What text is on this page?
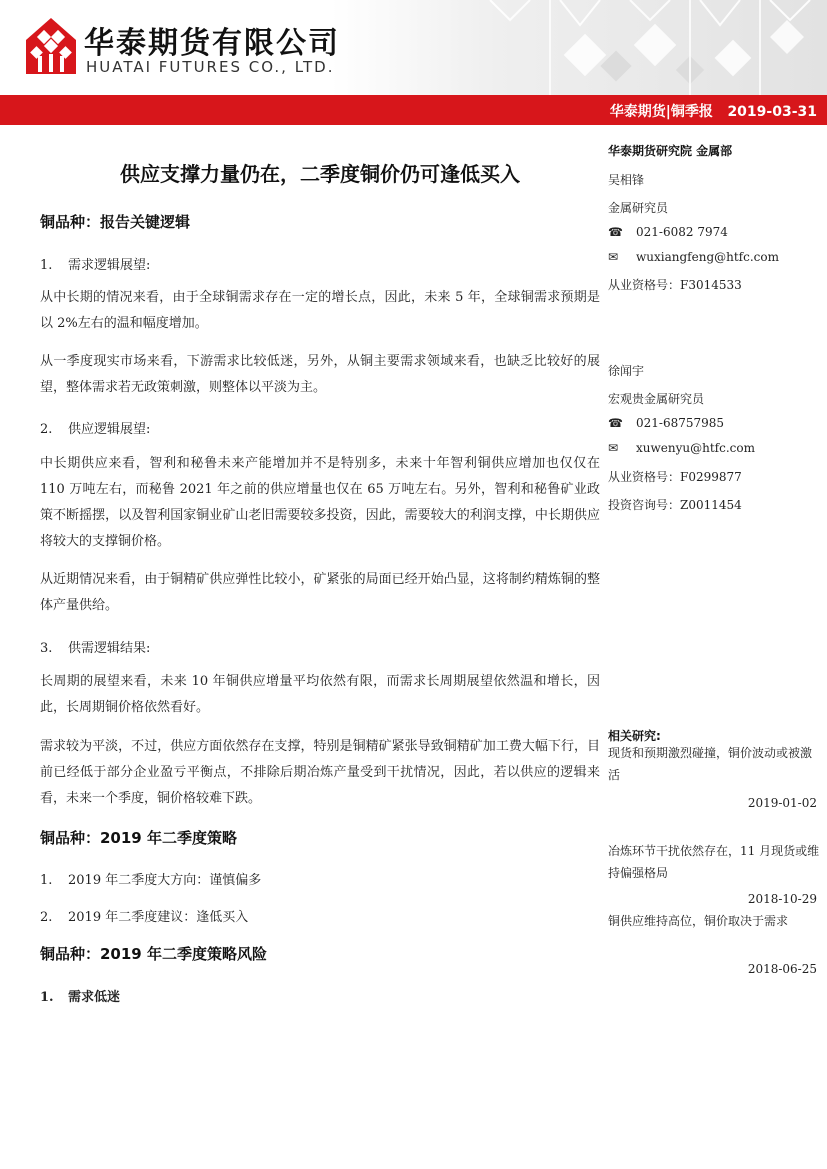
华泰期货有限公司
HUATAI FUTURES CO., LTD.
华泰期货|铜季报   2019-03-31
供应支撑力量仍在，二季度铜价仍可逢低买入
铜品种：报告关键逻辑
1. 需求逻辑展望:
从中长期的情况来看，由于全球铜需求存在一定的增长点，因此，未来 5 年，全球铜需求预期是以 2%左右的温和幅度增加。
从一季度现实市场来看，下游需求比较低迷，另外，从铜主要需求领域来看，也缺乏比较好的展望，整体需求若无政策刺激，则整体以平淡为主。
2. 供应逻辑展望:
中长期供应来看，智利和秘鲁未来产能增加并不是特别多，未来十年智利铜供应增加也仅仅在 110 万吨左右，而秘鲁 2021 年之前的供应增量也仅在 65 万吨左右。另外，智利和秘鲁矿业政策不断摇摆，以及智利国家铜业矿山老旧需要较多投资，因此，需要较大的利润支撑，中长期供应将较大的支撑铜价格。
从近期情况来看，由于铜精矿供应弹性比较小，矿紧张的局面已经开始凸显，这将制约精炼铜的整体产量供给。
3. 供需逻辑结果:
长周期的展望来看，未来 10 年铜供应增量平均依然有限，而需求长周期展望依然温和增长，因此，长周期铜价格依然看好。
需求较为平淡，不过，供应方面依然存在支撑，特别是铜精矿紧张导致铜精矿加工费大幅下行，目前已经低于部分企业盈亏平衡点，不排除后期冶炼产量受到干扰情况，因此，若以供应的逻辑来看，未来一个季度，铜价格较难下跌。
铜品种：2019 年二季度策略
1. 2019 年二季度大方向：谨慎偏多
2. 2019 年二季度建议：逢低买入
铜品种：2019 年二季度策略风险
1. 需求低迷
华泰期货研究院 金属部
吴相锋
金属研究员
☎ 021-6082 7974
✉ wuxiangfeng@htfc.com
从业资格号：F3014533
徐闻宇
宏观贵金属研究员
☎ 021-68757985
✉ xuwenyu@htfc.com
从业资格号：F0299877
投资咨询号：Z0011454
相关研究:
现货和预期激烈碰撞，铜价波动或被激活
2019-01-02
冶炼环节干扰依然存在，11 月现货或维持偏强格局
2018-10-29
铜供应维持高位，铜价取决于需求
2018-06-25
